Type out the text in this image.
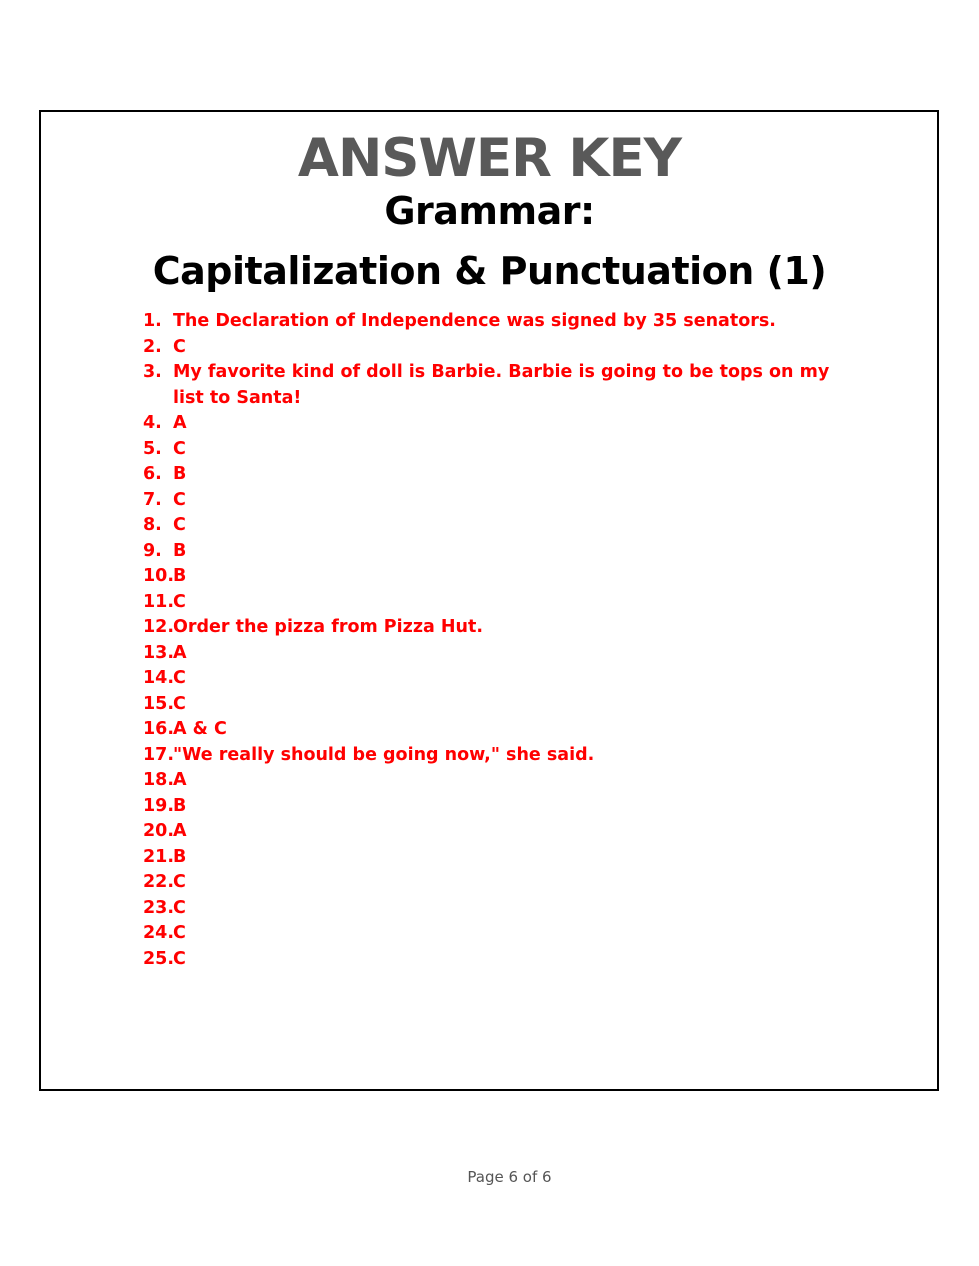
ANSWER KEY
Grammar:
Capitalization & Punctuation (1)
1. The Declaration of Independence was signed by 35 senators.
2. C
3. My favorite kind of doll is Barbie. Barbie is going to be tops on my list to Santa!
4. A
5. C
6. B
7. C
8. C
9. B
10.
B
11.
C
12.
Order the pizza from Pizza Hut.
13.
A
14.
C
15.
C
16.
A & C
17.
"We really should be going now," she said.
18.
A
19.
B
20.
A
21.
B
22.
C
23.
C
24.
C
25.
C
Page 6 of 6
